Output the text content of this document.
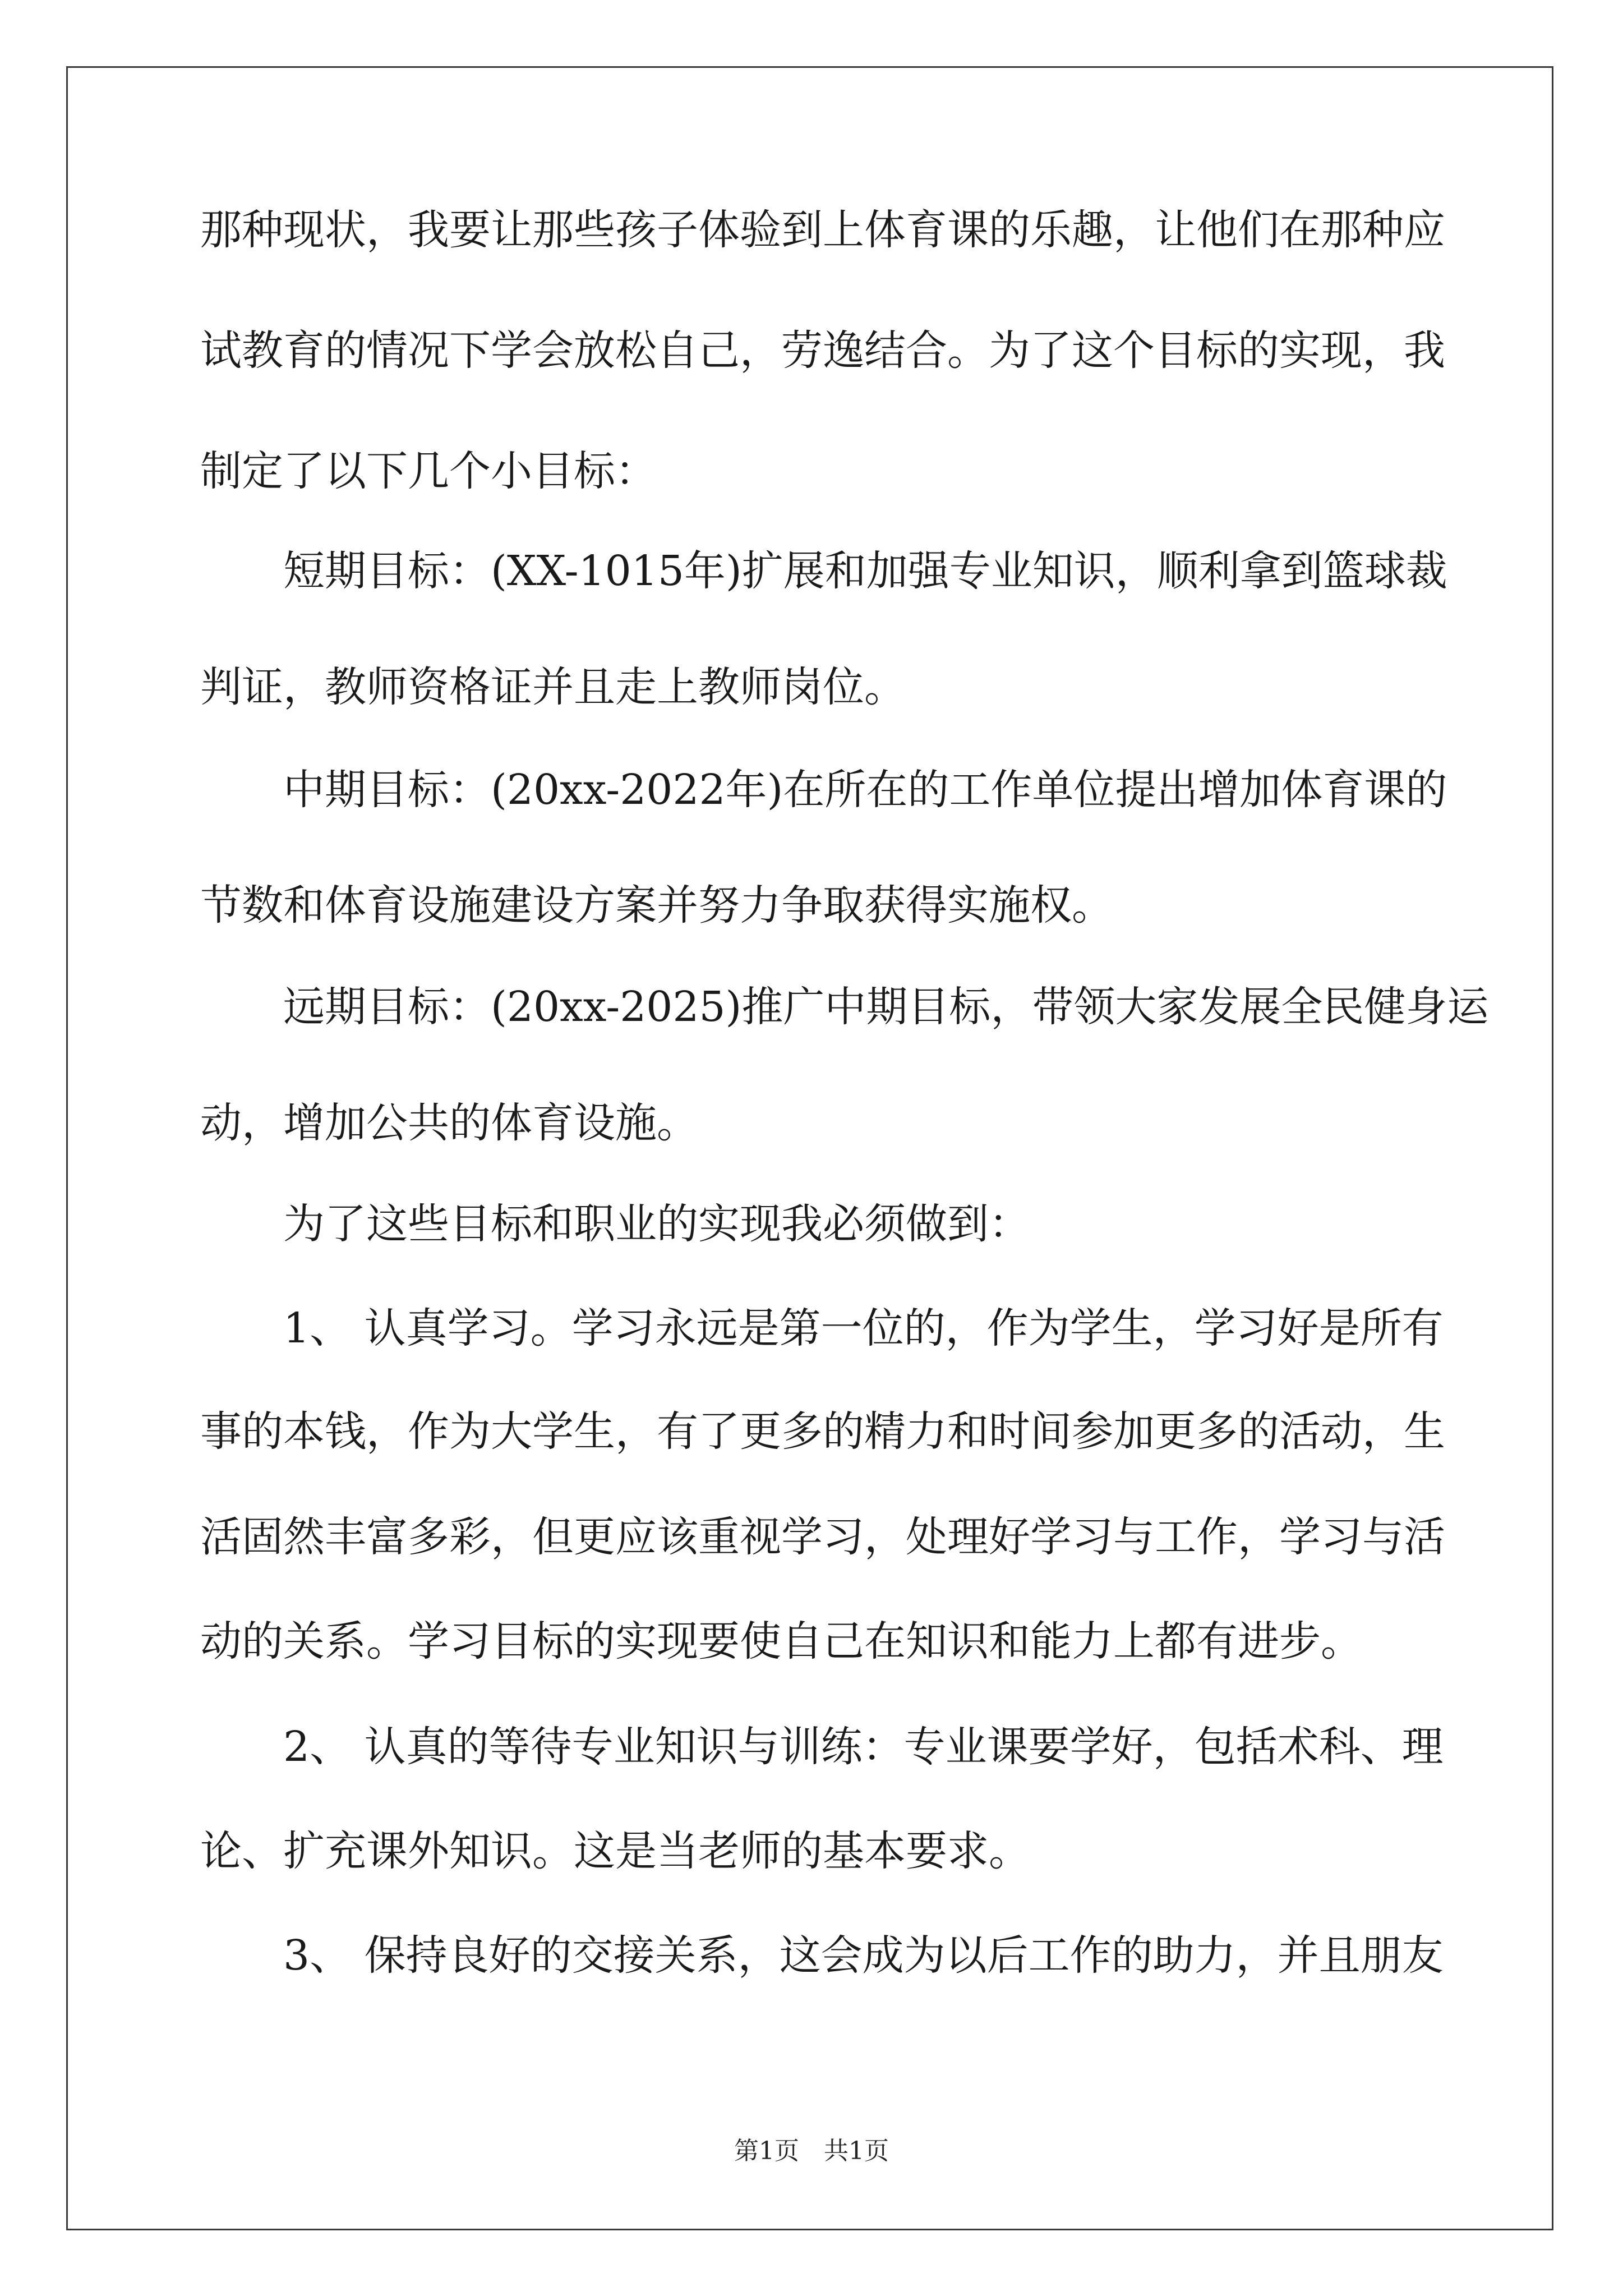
那种现状，我要让那些孩子体验到上体育课的乐趣，让他们在那种应
试教育的情况下学会放松自己，劳逸结合。为了这个目标的实现，我
制定了以下几个小目标：
短期目标：(XX-1015年)扩展和加强专业知识，顺利拿到篮球裁
判证，教师资格证并且走上教师岗位。
中期目标：(20xx-2022年)在所在的工作单位提出增加体育课的
节数和体育设施建设方案并努力争取获得实施权。
远期目标：(20xx-2025)推广中期目标，带领大家发展全民健身运
动，增加公共的体育设施。
为了这些目标和职业的实现我必须做到：
1、 认真学习。学习永远是第一位的，作为学生，学习好是所有
事的本钱，作为大学生，有了更多的精力和时间参加更多的活动，生
活固然丰富多彩，但更应该重视学习，处理好学习与工作，学习与活
动的关系。学习目标的实现要使自己在知识和能力上都有进步。
2、 认真的等待专业知识与训练：专业课要学好，包括术科、理
论、扩充课外知识。这是当老师的基本要求。
3、 保持良好的交接关系，这会成为以后工作的助力，并且朋友
第1页　共1页
